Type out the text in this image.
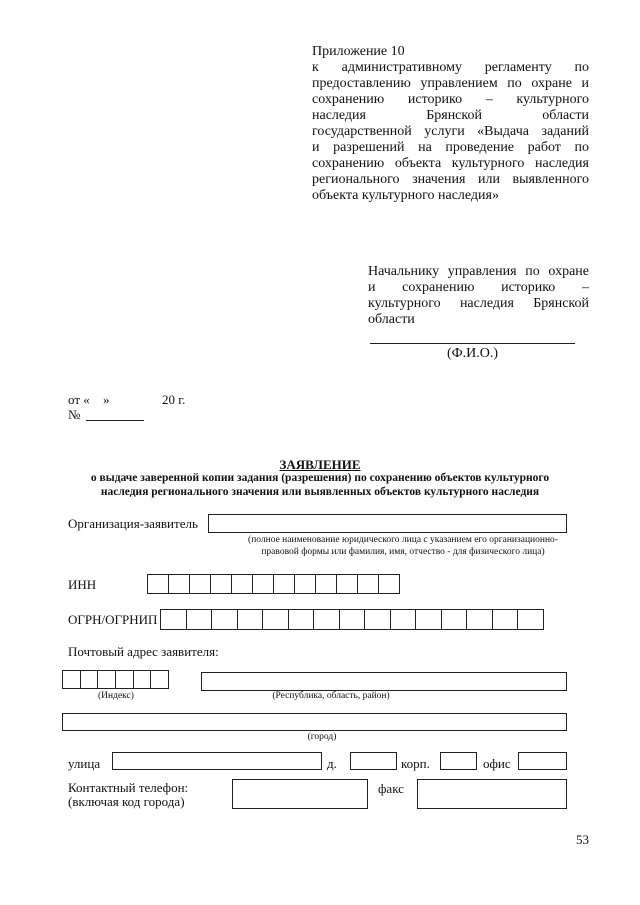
Приложение 10
к административному регламенту по
предоставлению управлением по охране и
сохранению историко – культурного
наследия Брянской области
государственной услуги «Выдача заданий
и разрешений на проведение работ по
сохранению объекта культурного наследия
регионального значения или выявленного
объекта культурного наследия»
Начальнику управления по охране
и сохранению историко –
культурного наследия Брянской
области
(Ф.И.О.)
от « »	20 г.
№
ЗАЯВЛЕНИЕ
о выдаче заверенной копии задания (разрешения) по сохранению объектов культурного
наследия регионального значения или выявленных объектов культурного наследия
Организация-заявитель
(полное наименование юридического лица с указанием его организационно-
правовой формы или фамилия, имя, отчество - для физического лица)
ИНН
ОГРН/ОГРНИП
Почтовый адрес заявителя:
(Индекс)	(Республика, область, район)
(город)
улица	д.	корп.	офис
Контактный телефон:
(включая код города)
факс
53
